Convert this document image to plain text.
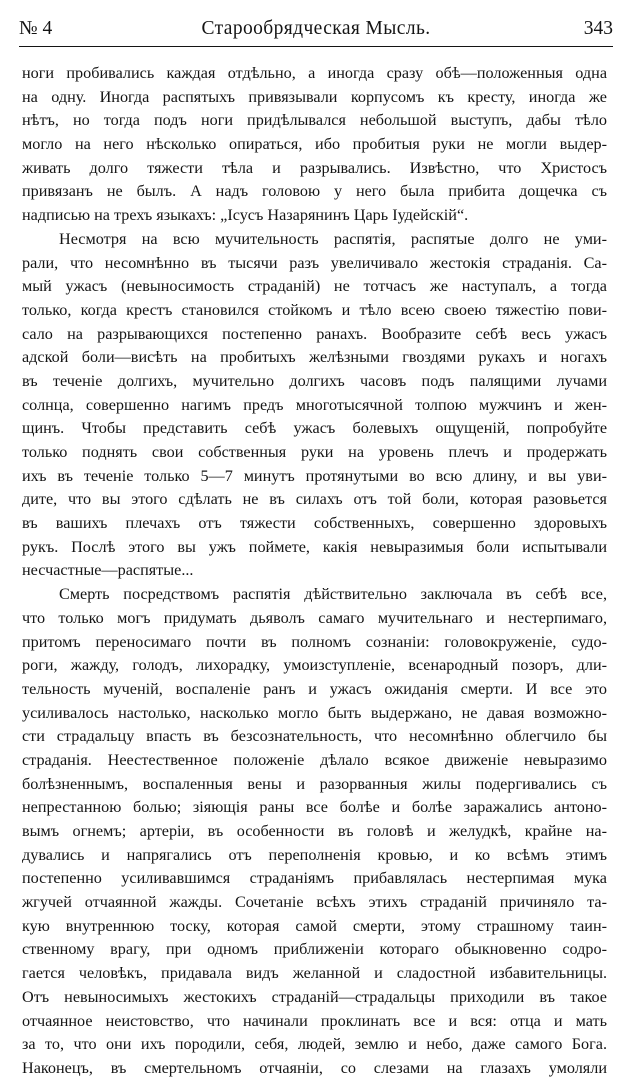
№ 4	Старообрядческая Мысль.	343
ноги пробивались каждая отдѣльно, а иногда сразу обѣ—положенныя одна
на одну. Иногда распятыхъ привязывали корпусомъ къ кресту, иногда же
нѣтъ, но тогда подъ ноги придѣлывался небольшой выступъ, дабы тѣло
могло на него нѣсколько опираться, ибо пробитыя руки не могли выдер-
живать долго тяжести тѣла и разрывались. Извѣстно, что Христосъ
привязанъ не былъ. А надъ головою у него была прибита дощечка съ
надписью на трехъ языкахъ: „Iсусъ Назарянинъ Царь Iудейскiй“.
Несмотря на всю мучительность распятiя, распятые долго не уми-
рали, что несомнѣнно въ тысячи разъ увеличивало жестокiя страданiя. Са-
мый ужасъ (невыносимость страданiй) не тотчасъ же наступалъ, а тогда
только, когда крестъ становился стойкомъ и тѣло всею своею тяжестiю пови-
сало на разрывающихся постепенно ранахъ. Вообразите себѣ весь ужасъ
адской боли—висѣть на пробитыхъ желѣзными гвоздями рукахъ и ногахъ
въ теченiе долгихъ, мучительно долгихъ часовъ подъ палящими лучами
солнца, совершенно нагимъ предъ многотысячной толпою мужчинъ и жен-
щинъ. Чтобы представить себѣ ужасъ болевыхъ ощущенiй, попробуйте
только поднять свои собственныя руки на уровень плечъ и продержать
ихъ въ теченiе только 5—7 минутъ протянутыми во всю длину, и вы уви-
дите, что вы этого сдѣлать не въ силахъ отъ той боли, которая разовьется
въ вашихъ плечахъ отъ тяжести собственныхъ, совершенно здоровыхъ
рукъ. Послѣ этого вы ужъ поймете, какiя невыразимыя боли испытывали
несчастные—распятые...
Смерть посредствомъ распятiя дѣйствительно заключала въ себѣ все,
что только могъ придумать дьяволъ самаго мучительнаго и нестерпимаго,
притомъ переносимаго почти въ полномъ сознанiи: головокруженiе, судо-
роги, жажду, голодъ, лихорадку, умоизступленiе, всенародный позоръ, дли-
тельность мученiй, воспаленiе ранъ и ужасъ ожиданiя смерти. И все это
усиливалось настолько, насколько могло быть выдержано, не давая возможно-
сти страдальцу впасть въ безсознательность, что несомнѣнно облегчило бы
страданiя. Неестественное положенiе дѣлало всякое движенiе невыразимо
болѣзненнымъ, воспаленныя вены и разорванныя жилы подергивались съ
непрестанною болью; зiяющiя раны все болѣе и болѣе заражались антоно-
вымъ огнемъ; артерiи, въ особенности въ головѣ и желудкѣ, крайне на-
дувались и напрягались отъ переполненiя кровью, и ко всѣмъ этимъ
постепенно усиливавшимся страданiямъ прибавлялась нестерпимая мука
жгучей отчаянной жажды. Сочетанiе всѣхъ этихъ страданiй причиняло та-
кую внутреннюю тоску, которая самой смерти, этому страшному таин-
ственному врагу, при одномъ приближенiи котораго обыкновенно содро-
гается человѣкъ, придавала видъ желанной и сладостной избавительницы.
Отъ невыносимыхъ жестокихъ страданiй—страдальцы приходили въ такое
отчаянное неистовство, что начинали проклинать все и вся: отца и мать
за то, что они ихъ породили, себя, людей, землю и небо, даже самого Бога.
Наконецъ, въ смертельномъ отчаянiи, со слезами на глазахъ умоляли
